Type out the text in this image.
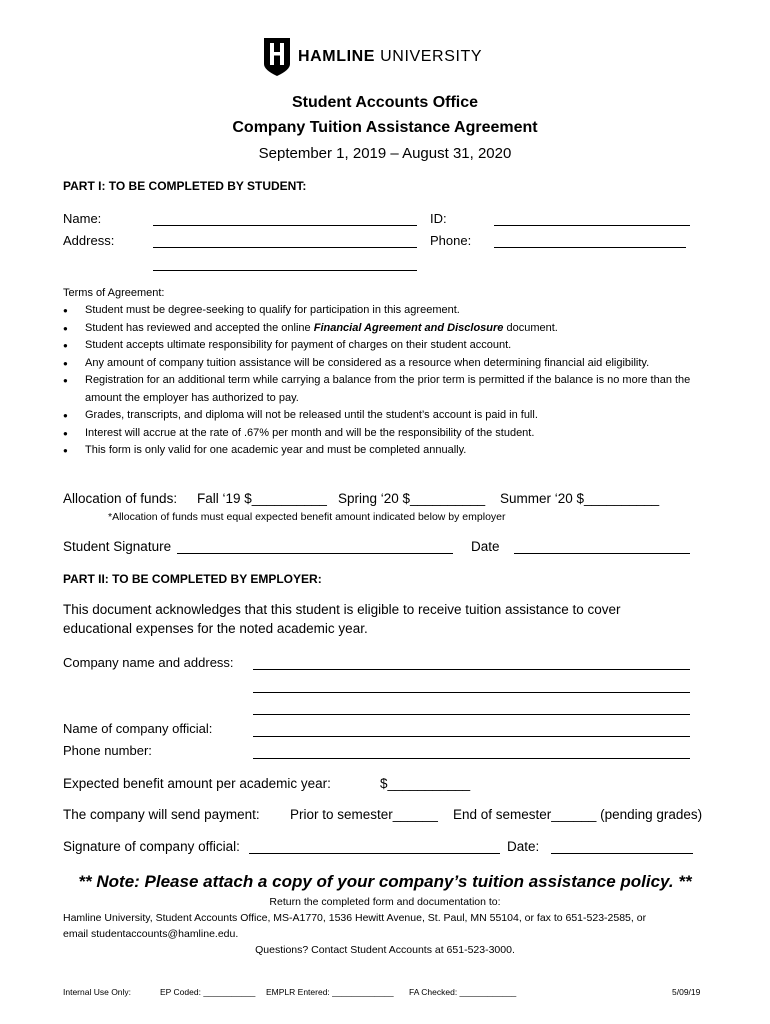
HAMLINE UNIVERSITY
Student Accounts Office
Company Tuition Assistance Agreement
September 1, 2019 – August 31, 2020
PART I: TO BE COMPLETED BY STUDENT:
Name:	ID:
Address:	Phone:
Terms of Agreement:
● Student must be degree-seeking to qualify for participation in this agreement.
● Student has reviewed and accepted the online Financial Agreement and Disclosure document.
● Student accepts ultimate responsibility for payment of charges on their student account.
● Any amount of company tuition assistance will be considered as a resource when determining financial aid eligibility.
● Registration for an additional term while carrying a balance from the prior term is permitted if the balance is no more than the amount the employer has authorized to pay.
● Grades, transcripts, and diploma will not be released until the student’s account is paid in full.
● Interest will accrue at the rate of .67% per month and will be the responsibility of the student.
● This form is only valid for one academic year and must be completed annually.
Allocation of funds: Fall ‘19 $__________ Spring ‘20 $__________ Summer ‘20 $__________
*Allocation of funds must equal expected benefit amount indicated below by employer
Student Signature	Date
PART II: TO BE COMPLETED BY EMPLOYER:
This document acknowledges that this student is eligible to receive tuition assistance to cover
educational expenses for the noted academic year.
Company name and address:
Name of company official:
Phone number:
Expected benefit amount per academic year:	$___________
The company will send payment: Prior to semester______ End of semester______ (pending grades)
Signature of company official:	Date:
** Note: Please attach a copy of your company’s tuition assistance policy. **
Return the completed form and documentation to:
Hamline University, Student Accounts Office, MS-A1770, 1536 Hewitt Avenue, St. Paul, MN 55104, or fax to 651-523-2585, or
email studentaccounts@hamline.edu.
Questions? Contact Student Accounts at 651-523-3000.
Internal Use Only:	EP Coded: ___________ EMPLR Entered: _____________ FA Checked: ____________	5/09/19
